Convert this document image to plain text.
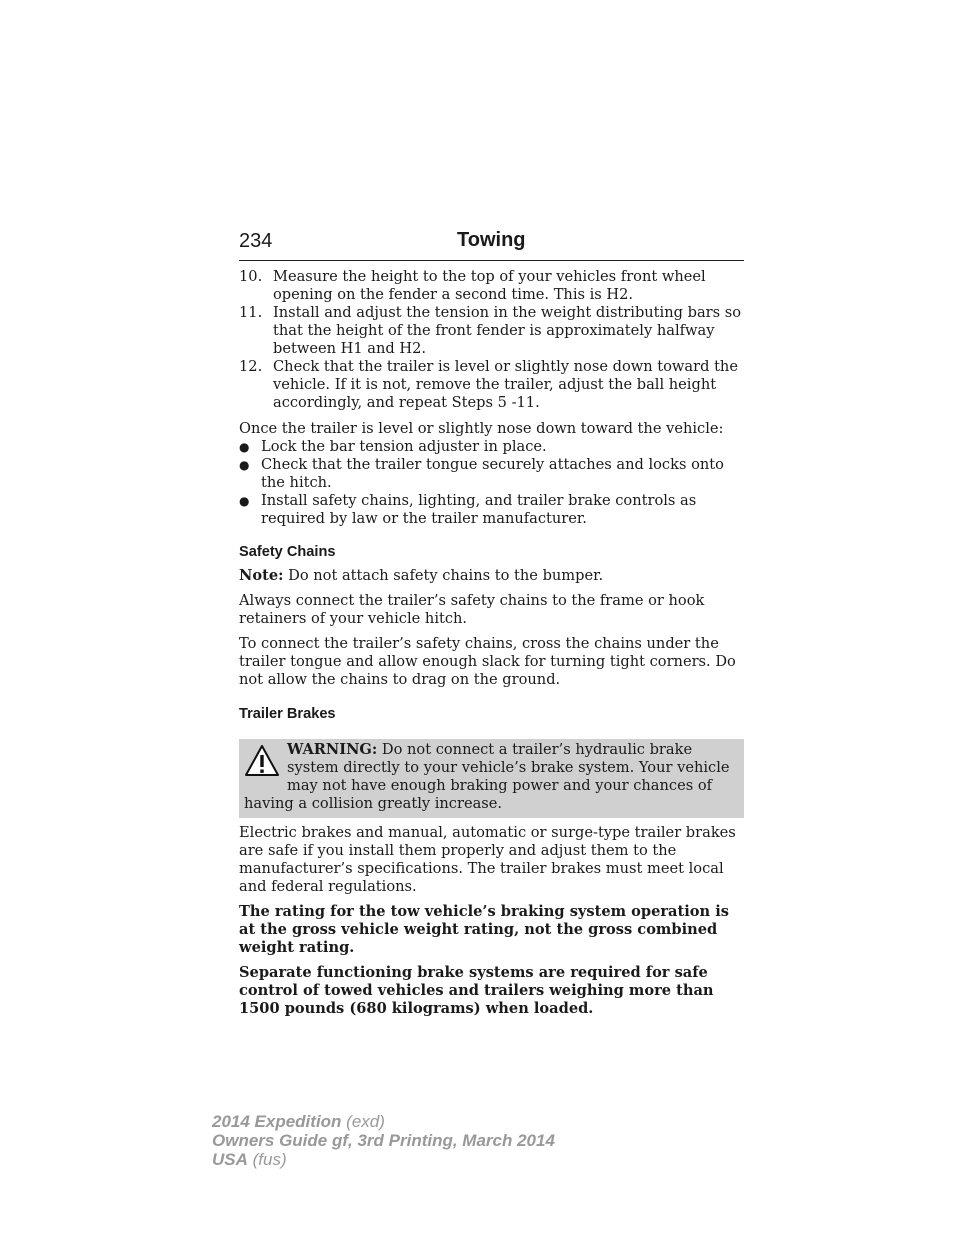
234	Towing
10. Measure the height to the top of your vehicles front wheel opening on the fender a second time. This is H2.
11. Install and adjust the tension in the weight distributing bars so that the height of the front fender is approximately halfway between H1 and H2.
12. Check that the trailer is level or slightly nose down toward the vehicle. If it is not, remove the trailer, adjust the ball height accordingly, and repeat Steps 5 -11.

Once the trailer is level or slightly nose down toward the vehicle:

● Lock the bar tension adjuster in place.
● Check that the trailer tongue securely attaches and locks onto the hitch.
● Install safety chains, lighting, and trailer brake controls as required by law or the trailer manufacturer.

Safety Chains

Note: Do not attach safety chains to the bumper.

Always connect the trailer’s safety chains to the frame or hook retainers of your vehicle hitch.

To connect the trailer’s safety chains, cross the chains under the trailer tongue and allow enough slack for turning tight corners. Do not allow the chains to drag on the ground.

Trailer Brakes

WARNING: Do not connect a trailer’s hydraulic brake system directly to your vehicle’s brake system. Your vehicle may not have enough braking power and your chances of having a collision greatly increase.

Electric brakes and manual, automatic or surge-type trailer brakes are safe if you install them properly and adjust them to the manufacturer’s specifications. The trailer brakes must meet local and federal regulations.

The rating for the tow vehicle’s braking system operation is at the gross vehicle weight rating, not the gross combined weight rating.

Separate functioning brake systems are required for safe control of towed vehicles and trailers weighing more than 1500 pounds (680 kilograms) when loaded.

2014 Expedition (exd)
Owners Guide gf, 3rd Printing, March 2014
USA (fus)
